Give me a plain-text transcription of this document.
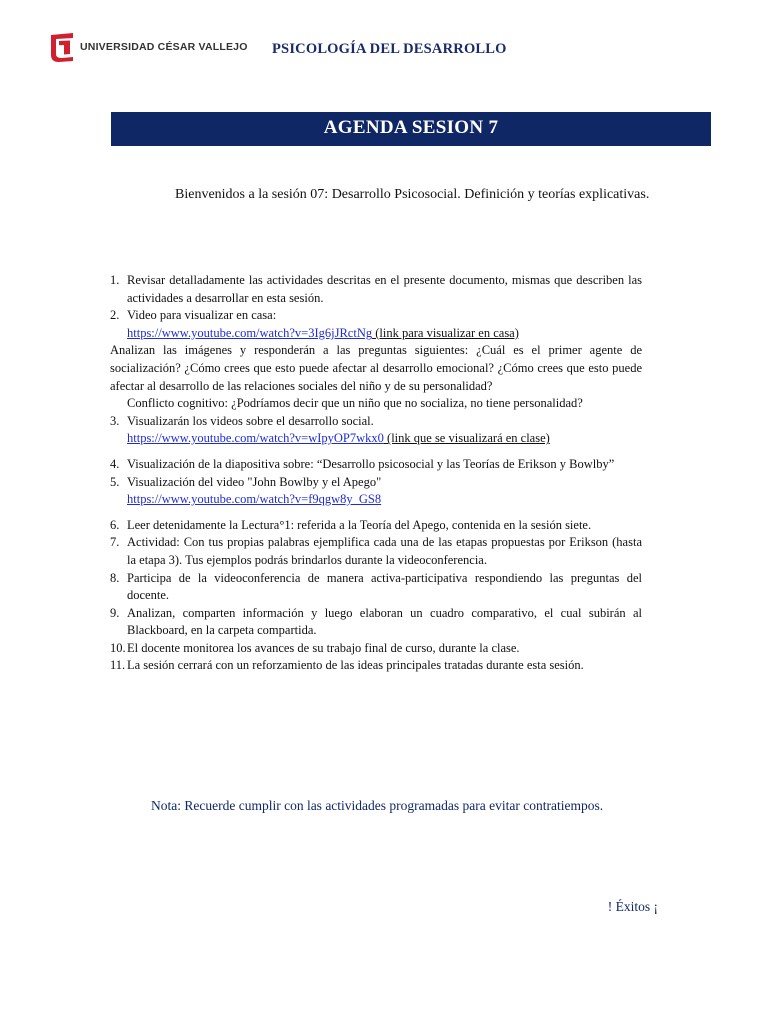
UNIVERSIDAD CÉSAR VALLEJO PSICOLOGÍA DEL DESARROLLO
AGENDA SESION 7
Bienvenidos a la sesión 07: Desarrollo Psicosocial. Definición y teorías explicativas.
1. Revisar detalladamente las actividades descritas en el presente documento, mismas que describen las actividades a desarrollar en esta sesión.
2. Video para visualizar en casa:
https://www.youtube.com/watch?v=3Ig6jJRctNg (link para visualizar en casa)
Analizan las imágenes y responderán a las preguntas siguientes: ¿Cuál es el primer agente de socialización? ¿Cómo crees que esto puede afectar al desarrollo emocional? ¿Cómo crees que esto puede afectar al desarrollo de las relaciones sociales del niño y de su personalidad?
Conflicto cognitivo: ¿Podríamos decir que un niño que no socializa, no tiene personalidad?
3. Visualizarán los videos sobre el desarrollo social.
https://www.youtube.com/watch?v=wIpyOP7wkx0 (link que se visualizará en clase)
4. Visualización de la diapositiva sobre: “Desarrollo psicosocial y las Teorías de Erikson y Bowlby”
5. Visualización del video "John Bowlby y el Apego"
https://www.youtube.com/watch?v=f9qgw8y_GS8
6. Leer detenidamente la Lectura°1: referida a la Teoría del Apego, contenida en la sesión siete.
7. Actividad: Con tus propias palabras ejemplifica cada una de las etapas propuestas por Erikson (hasta la etapa 3). Tus ejemplos podrás brindarlos durante la videoconferencia.
8. Participa de la videoconferencia de manera activa-participativa respondiendo las preguntas del docente.
9. Analizan, comparten información y luego elaboran un cuadro comparativo, el cual subirán al Blackboard, en la carpeta compartida.
10. El docente monitorea los avances de su trabajo final de curso, durante la clase.
11. La sesión cerrará con un reforzamiento de las ideas principales tratadas durante esta sesión.
Nota: Recuerde cumplir con las actividades programadas para evitar contratiempos.
! Éxitos ¡
